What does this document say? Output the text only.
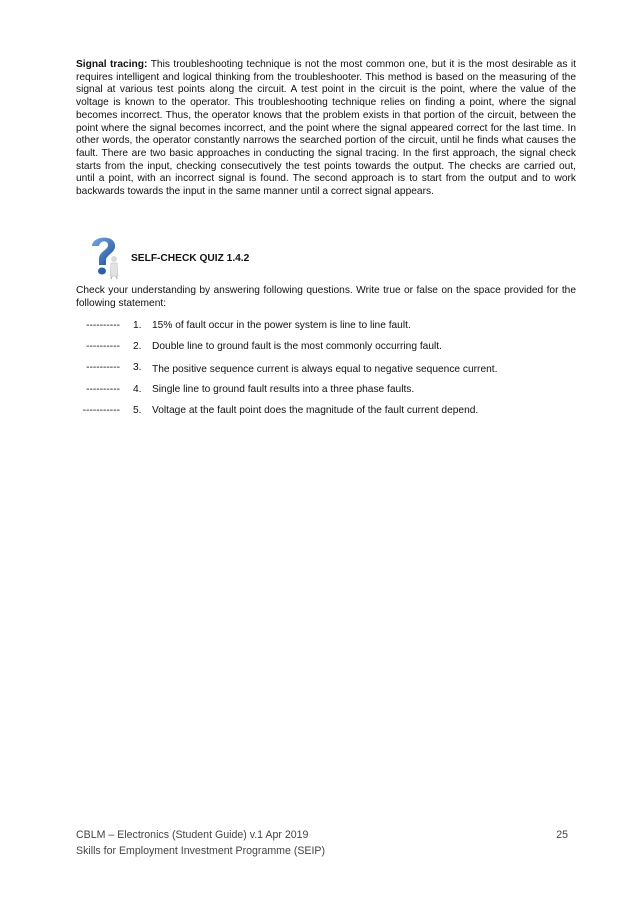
Signal tracing: This troubleshooting technique is not the most common one, but it is the most desirable as it requires intelligent and logical thinking from the troubleshooter. This method is based on the measuring of the signal at various test points along the circuit. A test point in the circuit is the point, where the value of the voltage is known to the operator. This troubleshooting technique relies on finding a point, where the signal becomes incorrect. Thus, the operator knows that the problem exists in that portion of the circuit, between the point where the signal becomes incorrect, and the point where the signal appeared correct for the last time. In other words, the operator constantly narrows the searched portion of the circuit, until he finds what causes the fault. There are two basic approaches in conducting the signal tracing. In the first approach, the signal check starts from the input, checking consecutively the test points towards the output. The checks are carried out, until a point, with an incorrect signal is found. The second approach is to start from the output and to work backwards towards the input in the same manner until a correct signal appears.

SELF-CHECK QUIZ 1.4.2

Check your understanding by answering following questions. Write true or false on the space provided for the following statement:

---------- 1. 15% of fault occur in the power system is line to line fault.
---------- 2. Double line to ground fault is the most commonly occurring fault.
---------- 3. The positive sequence current is always equal to negative sequence current.
---------- 4. Single line to ground fault results into a three phase faults.
----------- 5. Voltage at the fault point does the magnitude of the fault current depend.
CBLM – Electronics (Student Guide) v.1 Apr 2019	25
Skills for Employment Investment Programme (SEIP)
